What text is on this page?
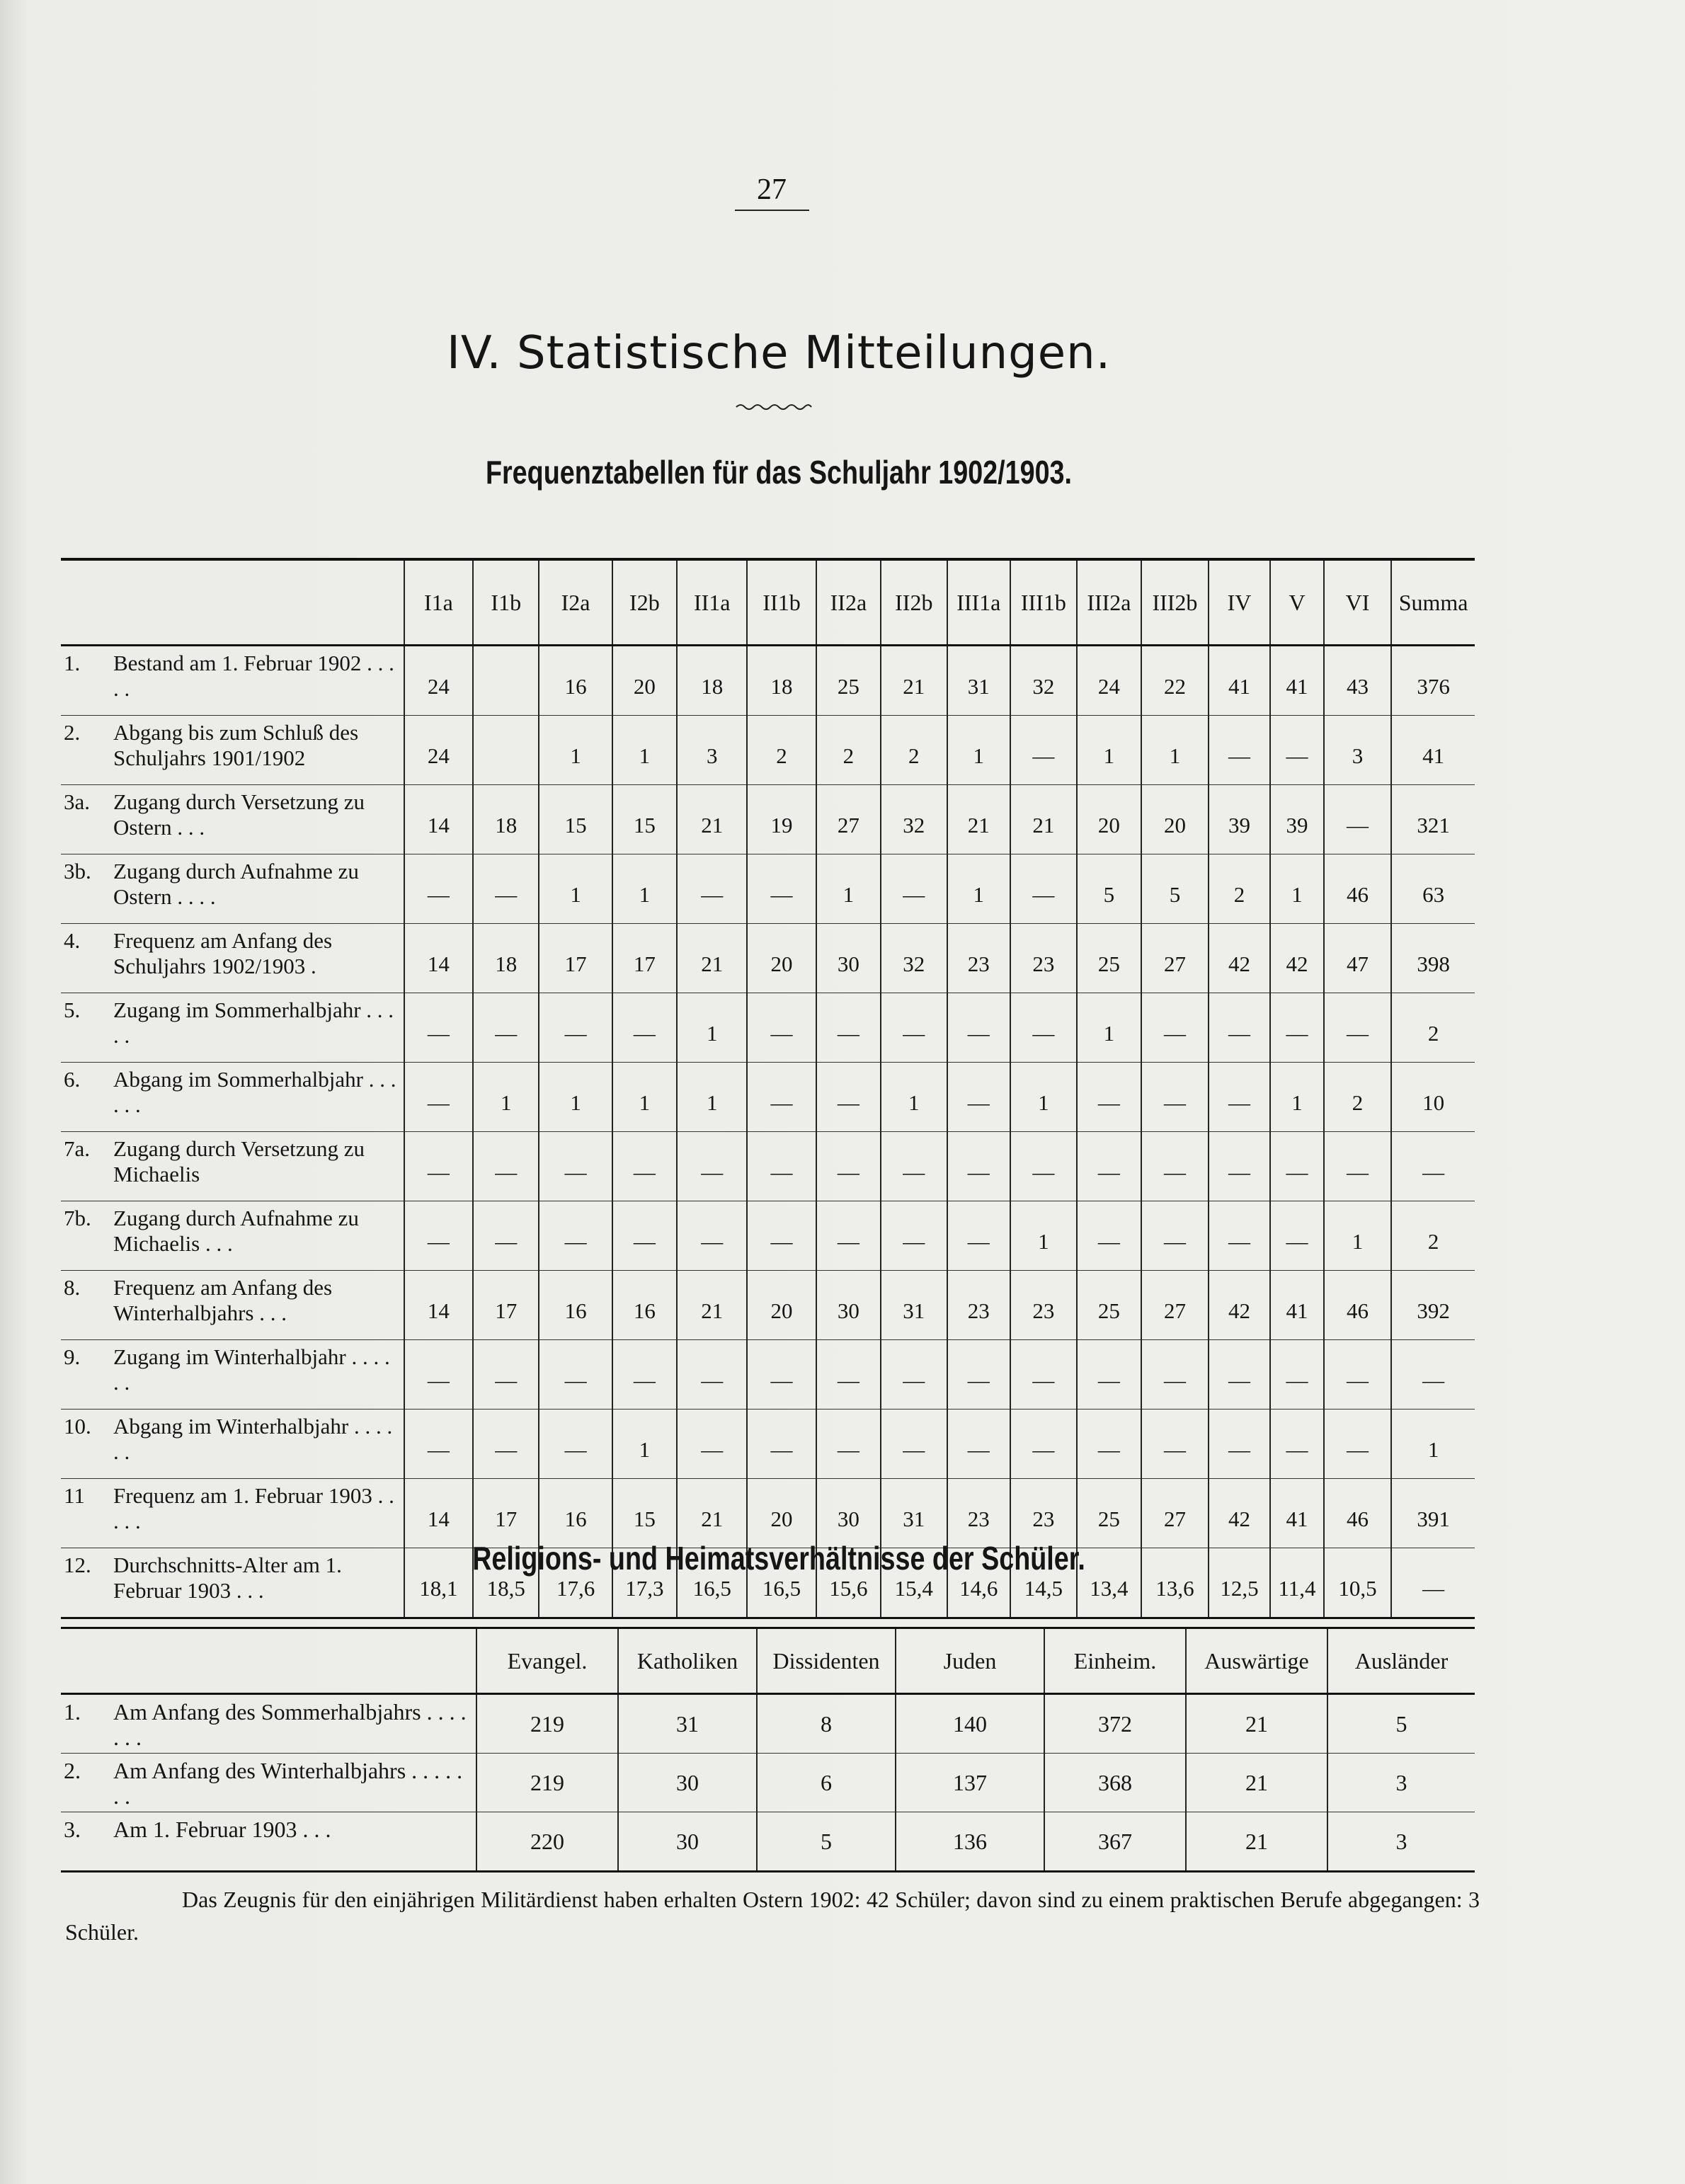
27
IV. Statistische Mitteilungen.
Frequenztabellen für das Schuljahr 1902/1903.
	I1a	I1b	I2a	I2b	II1a	II1b	II2a	II2b	III1a	III1b	III2a	III2b	IV	V	VI	Summa
1. Bestand am 1. Februar 1902 . . . . .	24		16	20	18	18	25	21	31	32	24	22	41	41	43	376
2. Abgang bis zum Schluß des Schuljahrs 1901/1902	24		1	1	3	2	2	2	1	—	1	1	—	—	3	41
3a. Zugang durch Versetzung zu Ostern . . .	14	18	15	15	21	19	27	32	21	21	20	20	39	39	—	321
3b. Zugang durch Aufnahme zu Ostern . . . .	—	—	1	1	—	—	1	—	1	—	5	5	2	1	46	63
4. Frequenz am Anfang des Schuljahrs 1902/1903 .	14	18	17	17	21	20	30	32	23	23	25	27	42	42	47	398
5. Zugang im Sommerhalbjahr . . . . .	—	—	—	—	1	—	—	—	—	—	1	—	—	—	—	2
6. Abgang im Sommerhalbjahr . . . . . .	—	1	1	1	1	—	—	1	—	1	—	—	—	1	2	10
7a. Zugang durch Versetzung zu Michaelis	—	—	—	—	—	—	—	—	—	—	—	—	—	—	—	—
7b. Zugang durch Aufnahme zu Michaelis . . .	—	—	—	—	—	—	—	—	—	1	—	—	—	—	1	2
8. Frequenz am Anfang des Winterhalbjahrs . . .	14	17	16	16	21	20	30	31	23	23	25	27	42	41	46	392
9. Zugang im Winterhalbjahr . . . . . .	—	—	—	—	—	—	—	—	—	—	—	—	—	—	—	—
10. Abgang im Winterhalbjahr . . . . . .	—	—	—	1	—	—	—	—	—	—	—	—	—	—	—	1
11 Frequenz am 1. Februar 1903 . . . . .	14	17	16	15	21	20	30	31	23	23	25	27	42	41	46	391
12. Durchschnitts-Alter am 1. Februar 1903 . . .	18,1	18,5	17,6	17,3	16,5	16,5	15,6	15,4	14,6	14,5	13,4	13,6	12,5	11,4	10,5	—
Religions- und Heimatsverhältnisse der Schüler.
	Evangel.	Katholiken	Dissidenten	Juden	Einheim.	Auswärtige	Ausländer
1. Am Anfang des Sommerhalbjahrs . . . . . . .	219	31	8	140	372	21	5
2. Am Anfang des Winterhalbjahrs . . . . . . .	219	30	6	137	368	21	3
3. Am 1. Februar 1903 . . .	220	30	5	136	367	21	3
Das Zeugnis für den einjährigen Militärdienst haben erhalten Ostern 1902: 42 Schüler; davon sind zu einem praktischen Berufe abgegangen: 3 Schüler.
